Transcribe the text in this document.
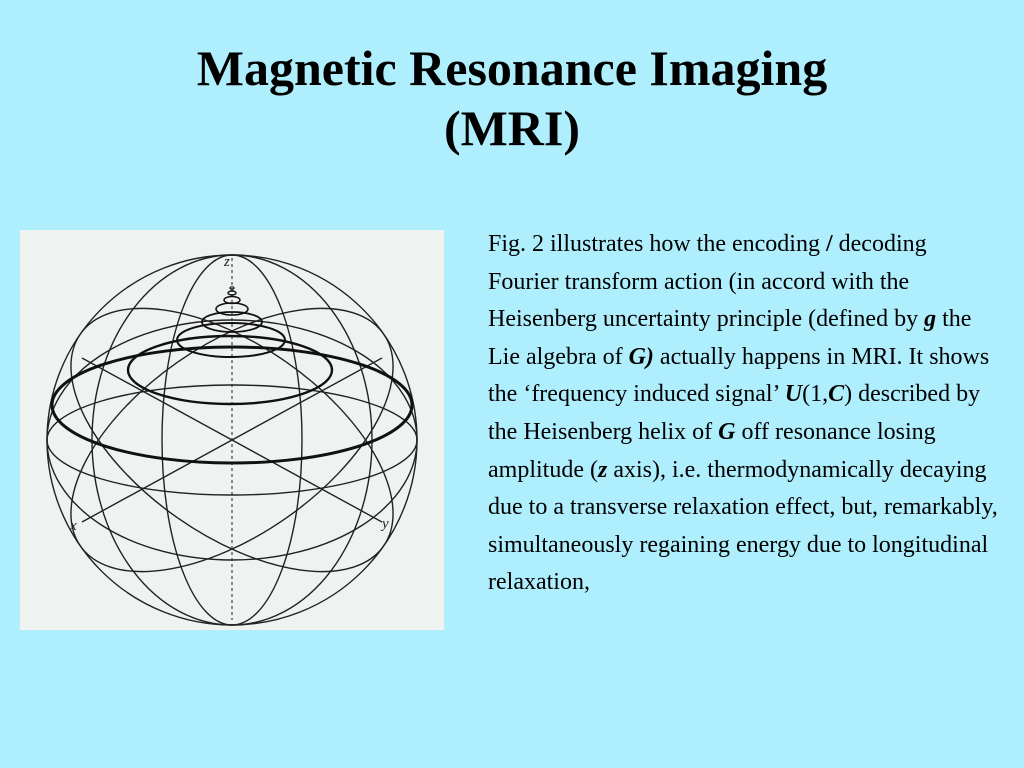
Magnetic Resonance Imaging
(MRI)
z
x	y

Fig. 2 illustrates how the encoding / decoding Fourier transform action (in accord with the Heisenberg uncertainty principle (defined by g the Lie algebra of G) actually happens in MRI. It shows the ‘frequency induced signal’ U(1,C) described by the Heisenberg helix of G off resonance losing amplitude (z axis), i.e. thermodynamically decaying due to a transverse relaxation effect, but, remarkably, simultaneously regaining energy due to longitudinal relaxation,
